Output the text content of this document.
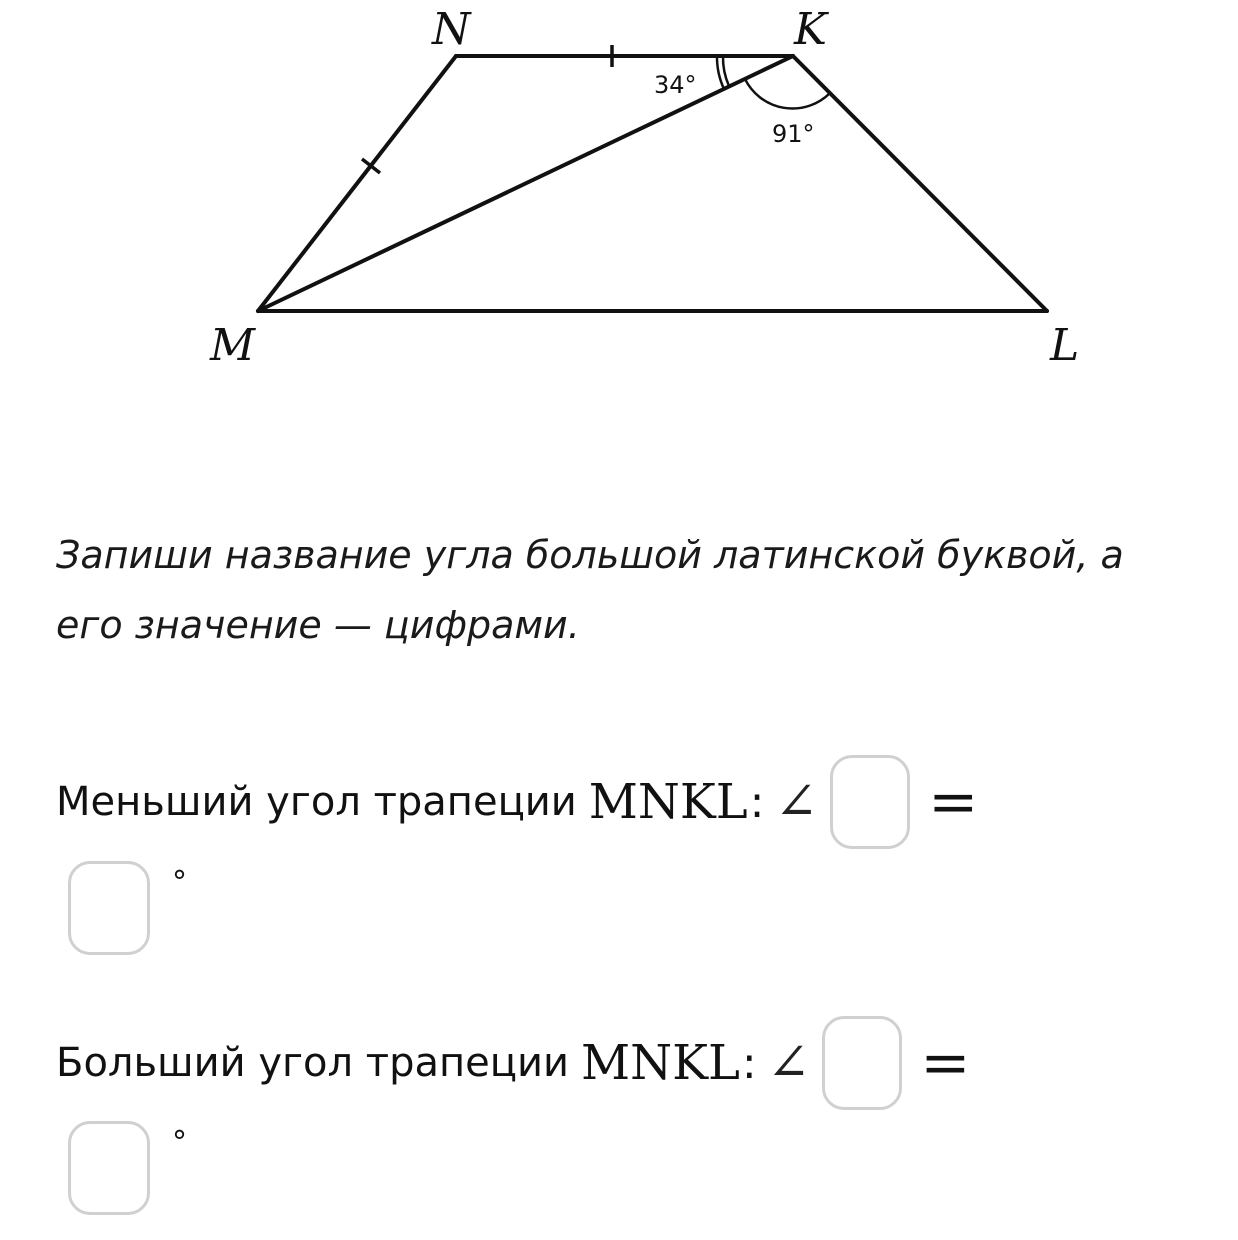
N	K
M	L
34°
91°

Запиши название угла большой латинской буквой, а
его значение — цифрами.

Меньший угол трапеции MNKL : ∠ =
°
Больший угол трапеции MNKL : ∠ =
°
